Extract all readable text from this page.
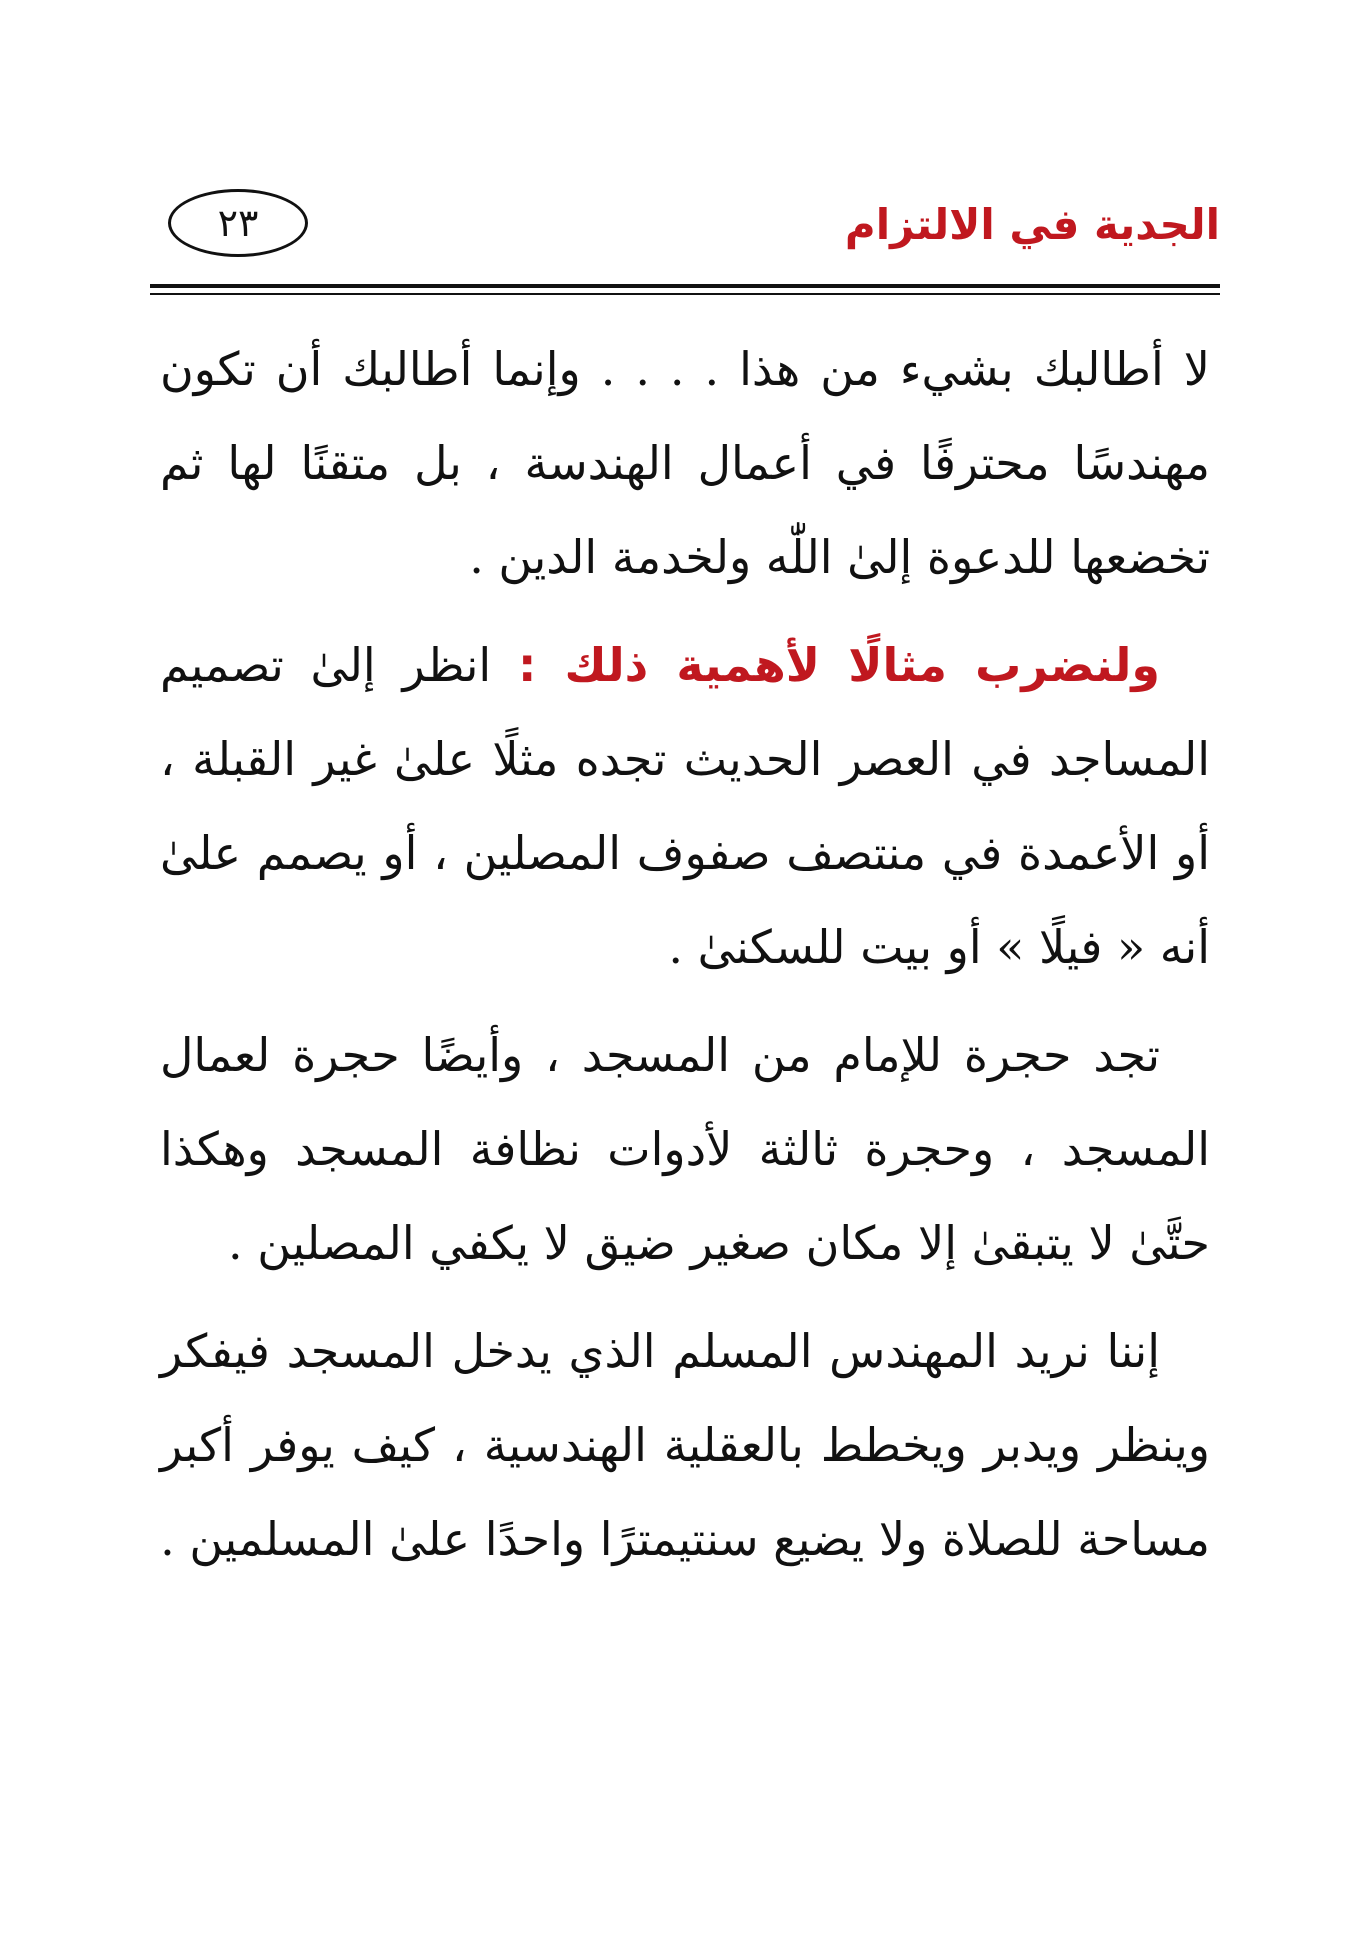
الجدية في الالتزام
٢٣

لا أطالبك بشيء من هذا . . . . وإنما أطالبك أن تكون مهندسًا محترفًا في أعمال الهندسة ، بل متقنًا لها ثم تخضعها للدعوة إلىٰ اللّٰه ولخدمة الدين .

ولنضرب مثالًا لأهمية ذلك : انظر إلىٰ تصميم المساجد في العصر الحديث تجده مثلًا علىٰ غير القبلة ، أو الأعمدة في منتصف صفوف المصلين ، أو يصمم علىٰ أنه « فيلًا » أو بيت للسكنىٰ .

تجد حجرة للإمام من المسجد ، وأيضًا حجرة لعمال المسجد ، وحجرة ثالثة لأدوات نظافة المسجد وهكذا حتَّىٰ لا يتبقىٰ إلا مكان صغير ضيق لا يكفي المصلين .

إننا نريد المهندس المسلم الذي يدخل المسجد فيفكر وينظر ويدبر ويخطط بالعقلية الهندسية ، كيف يوفر أكبر مساحة للصلاة ولا يضيع سنتيمترًا واحدًا علىٰ المسلمين .
